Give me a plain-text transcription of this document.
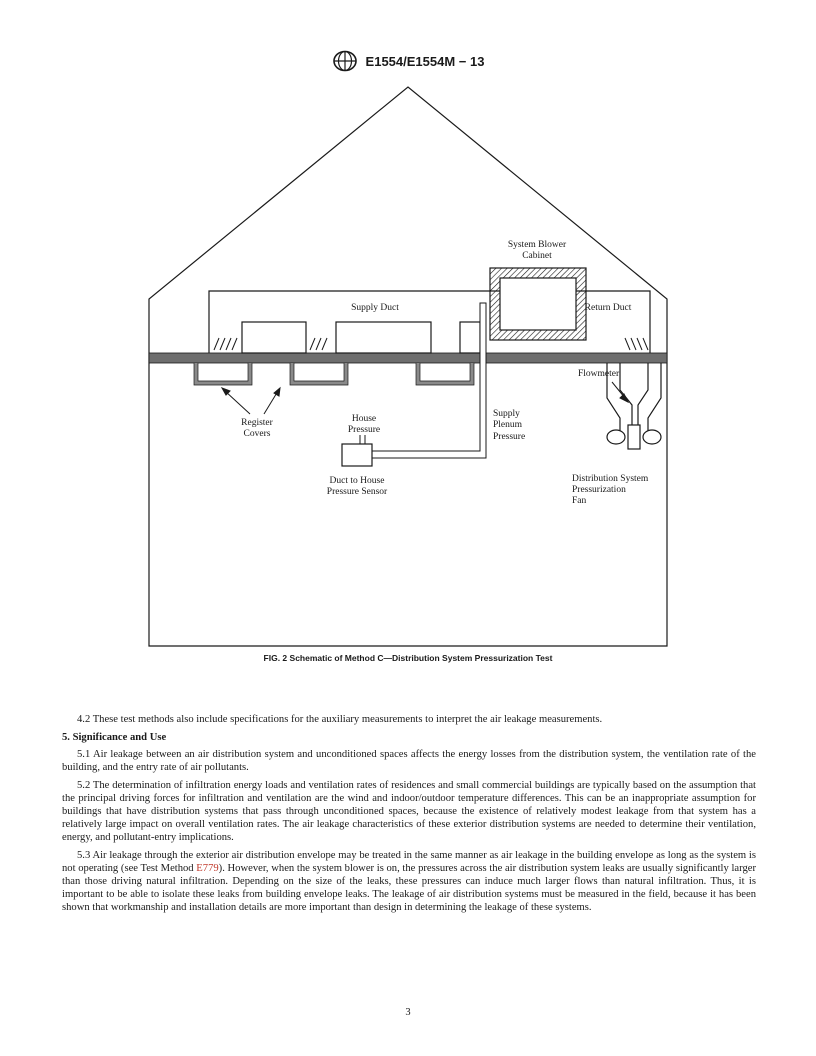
E1554/E1554M − 13
System Blower
Cabinet
Supply Duct	Return Duct
Flowmeter
Register
Covers
House
Pressure
Supply
Plenum
Pressure
Duct to House
Pressure Sensor
Distribution System
Pressurization
Fan
FIG. 2 Schematic of Method C—Distribution System Pressurization Test

4.2 These test methods also include specifications for the auxiliary measurements to interpret the air leakage measurements.

5. Significance and Use

5.1 Air leakage between an air distribution system and unconditioned spaces affects the energy losses from the distribution system, the ventilation rate of the building, and the entry rate of air pollutants.

5.2 The determination of infiltration energy loads and ventilation rates of residences and small commercial buildings are typically based on the assumption that the principal driving forces for infiltration and ventilation are the wind and indoor/outdoor temperature differences. This can be an inappropriate assumption for buildings that have distribution systems that pass through unconditioned spaces, because the existence of relatively modest leakage from that system has a relatively large impact on overall ventilation rates. The air leakage characteristics of these exterior distribution systems are needed to determine their ventilation, energy, and pollutant-entry implications.

5.3 Air leakage through the exterior air distribution envelope may be treated in the same manner as air leakage in the building envelope as long as the system is not operating (see Test Method E779). However, when the system blower is on, the pressures across the air distribution system leaks are usually significantly larger than those driving natural infiltration. Depending on the size of the leaks, these pressures can induce much larger flows than natural infiltration. Thus, it is important to be able to isolate these leaks from building envelope leaks. The leakage of air distribution systems must be measured in the field, because it has been shown that workmanship and installation details are more important than design in determining the leakage of these systems.

3
